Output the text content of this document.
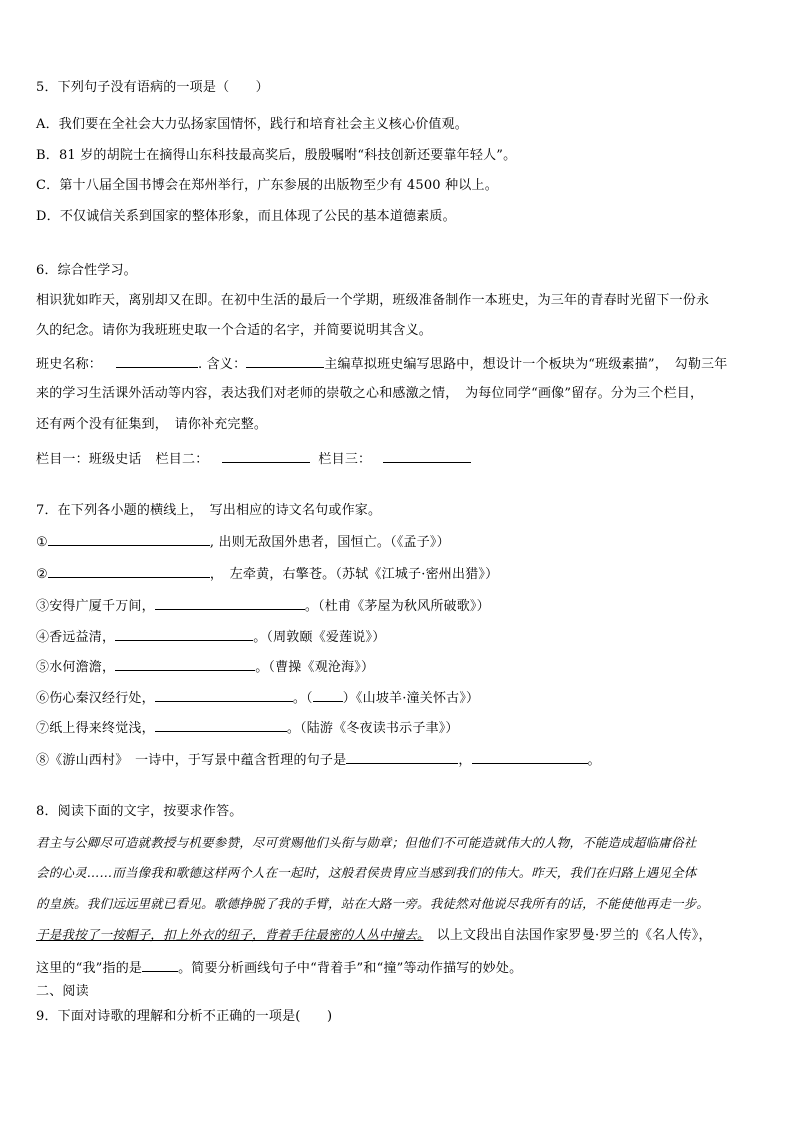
5．下列句子没有语病的一项是（　　）
A．我们要在全社会大力弘扬家国情怀，践行和培育社会主义核心价值观。
B．81 岁的胡院士在摘得山东科技最高奖后，殷殷嘱咐“科技创新还要靠年轻人”。
C．第十八届全国书博会在郑州举行，广东参展的出版物至少有 4500 种以上。
D．不仅诚信关系到国家的整体形象，而且体现了公民的基本道德素质。
6．综合性学习。
相识犹如昨天，离别却又在即。在初中生活的最后一个学期，班级准备制作一本班史，为三年的青春时光留下一份永
久的纪念。请你为我班班史取一个合适的名字，并简要说明其含义。
班史名称：	. 含义：	主编草拟班史编写思路中，想设计一个板块为“班级素描”，　勾勒三年
来的学习生活课外活动等内容，表达我们对老师的崇敬之心和感激之情，　为每位同学“画像”留存。分为三个栏目，
还有两个没有征集到，　请你补充完整。
栏目一：班级史话 栏目二：	栏目三：
7．在下列各小题的横线上，　写出相应的诗文名句或作家。
①	, 出则无敌国外患者，国恒亡。（《孟子》）
②	，　左牵黄，右擎苍。（苏轼《江城子·密州出猎》）
③安得广厦千万间，	。（杜甫《茅屋为秋风所破歌》）
④香远益清，	。（周敦颐《爱莲说》）
⑤水何澹澹，	。（曹操《观沧海》）
⑥伤心秦汉经行处，	。（ ）《山坡羊·潼关怀古》）
⑦纸上得来终觉浅，	。（陆游《冬夜读书示子聿》）
⑧《游山西村》　一诗中，于写景中蕴含哲理的句子是	，	。
8．阅读下面的文字，按要求作答。
君主与公卿尽可造就教授与机要参赞，尽可赏赐他们头衔与勋章；但他们不可能造就伟大的人物，不能造成超临庸俗社
会的心灵……而当像我和歌德这样两个人在一起时，这般君侯贵胄应当感到我们的伟大。昨天，我们在归路上遇见全体
的皇族。我们远远里就已看见。歌德挣脱了我的手臂，站在大路一旁。我徒然对他说尽我所有的话，不能使他再走一步。
于是我按了一按帽子，扣上外衣的纽子，背着手往最密的人丛中撞去。　以上文段出自法国作家罗曼·罗兰的《名人传》，
这里的“我”指的是	。简要分析画线句子中“背着手”和“撞”等动作描写的妙处。
二、阅读
9．下面对诗歌的理解和分析不正确的一项是(　　)
